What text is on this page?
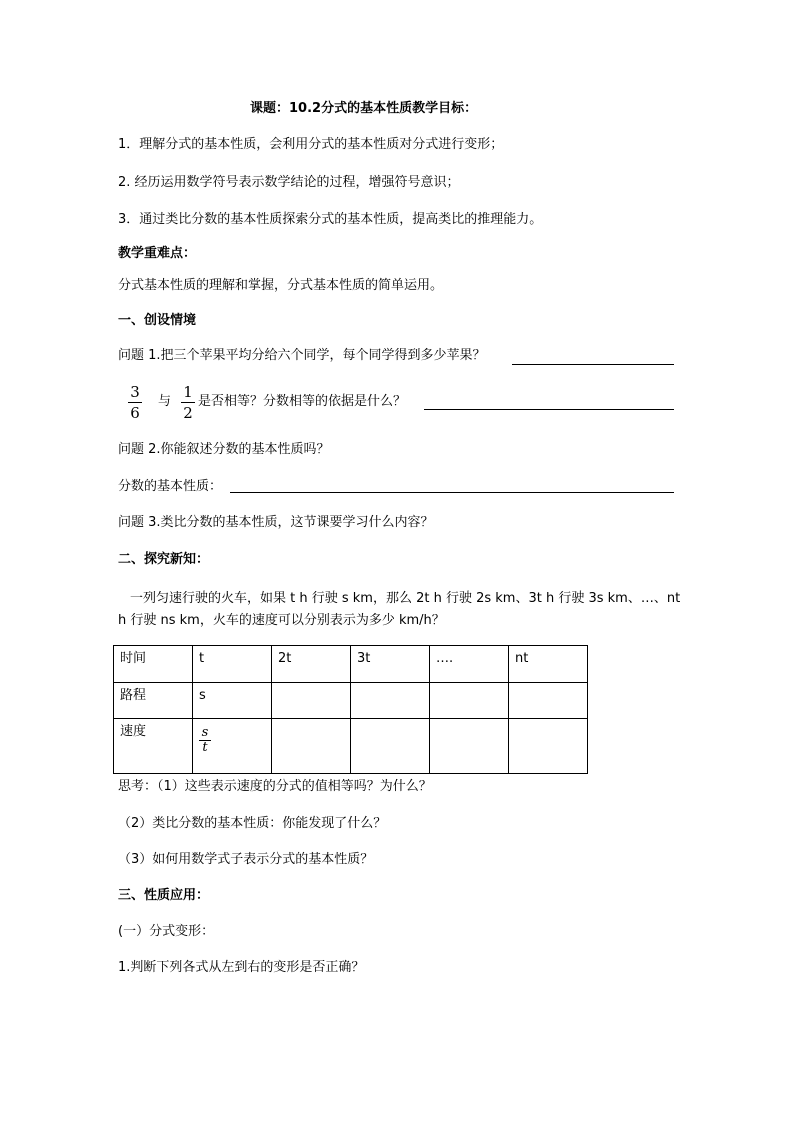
课题：10.2分式的基本性质教学目标：
1．理解分式的基本性质，会利用分式的基本性质对分式进行变形；
2. 经历运用数学符号表示数学结论的过程，增强符号意识；
3．通过类比分数的基本性质探索分式的基本性质，提高类比的推理能力。
教学重难点：
分式基本性质的理解和掌握，分式基本性质的简单运用。
一、创设情境
问题 1.把三个苹果平均分给六个同学，每个同学得到多少苹果？
3
6
与
1
2
是否相等？分数相等的依据是什么？
问题 2.你能叙述分数的基本性质吗？
分数的基本性质：
问题 3.类比分数的基本性质，这节课要学习什么内容？
二、探究新知：
一列匀速行驶的火车，如果 t h 行驶 s km，那么 2t h 行驶 2s km、3t h 行驶 3s km、…、nt
h 行驶 ns km，火车的速度可以分别表示为多少 km/h？
时间	t	2t	3t	….	nt
路程	s				
速度	$\frac{s}{t}$

思考：（1）这些表示速度的分式的值相等吗？为什么？
（2）类比分数的基本性质：你能发现了什么？
（3）如何用数学式子表示分式的基本性质？
三、性质应用：
(一）分式变形：
1.判断下列各式从左到右的变形是否正确？
